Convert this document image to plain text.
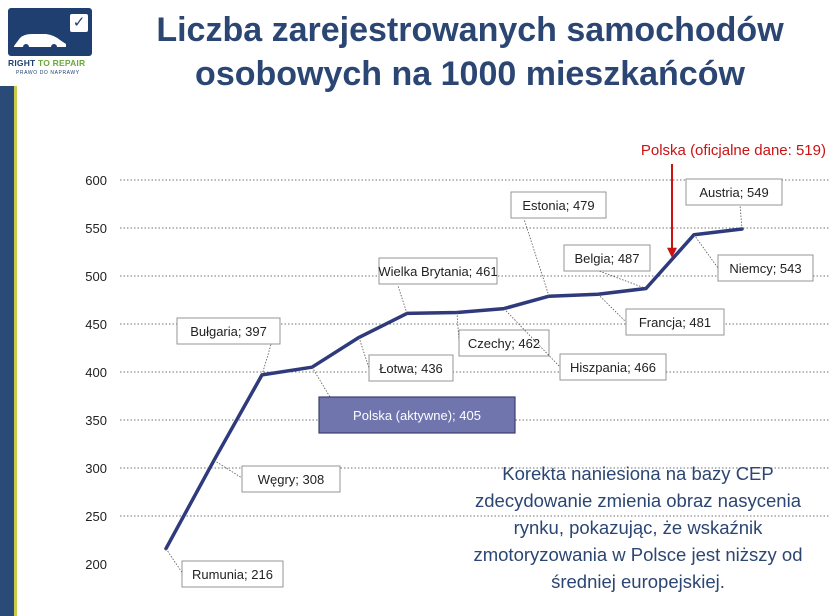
✓
RIGHT TO REPAIR
PRAWO DO NAPRAWY
Liczba zarejestrowanych samochodów
osobowych na 1000 mieszkańców
200
250
300
350
400
450
500
550
600
Rumunia; 216
Węgry; 308
Bułgaria; 397
Polska (aktywne); 405
Łotwa; 436
Wielka Brytania; 461
Czechy; 462
Hiszpania; 466
Estonia; 479
Francja; 481
Belgia; 487
Niemcy; 543
Austria; 549
Polska (oficjalne dane: 519)
Korekta naniesiona na bazy CEP
zdecydowanie zmienia obraz nasycenia
rynku, pokazując, że wskaźnik
zmotoryzowania w Polsce jest niższy od
średniej europejskiej.
